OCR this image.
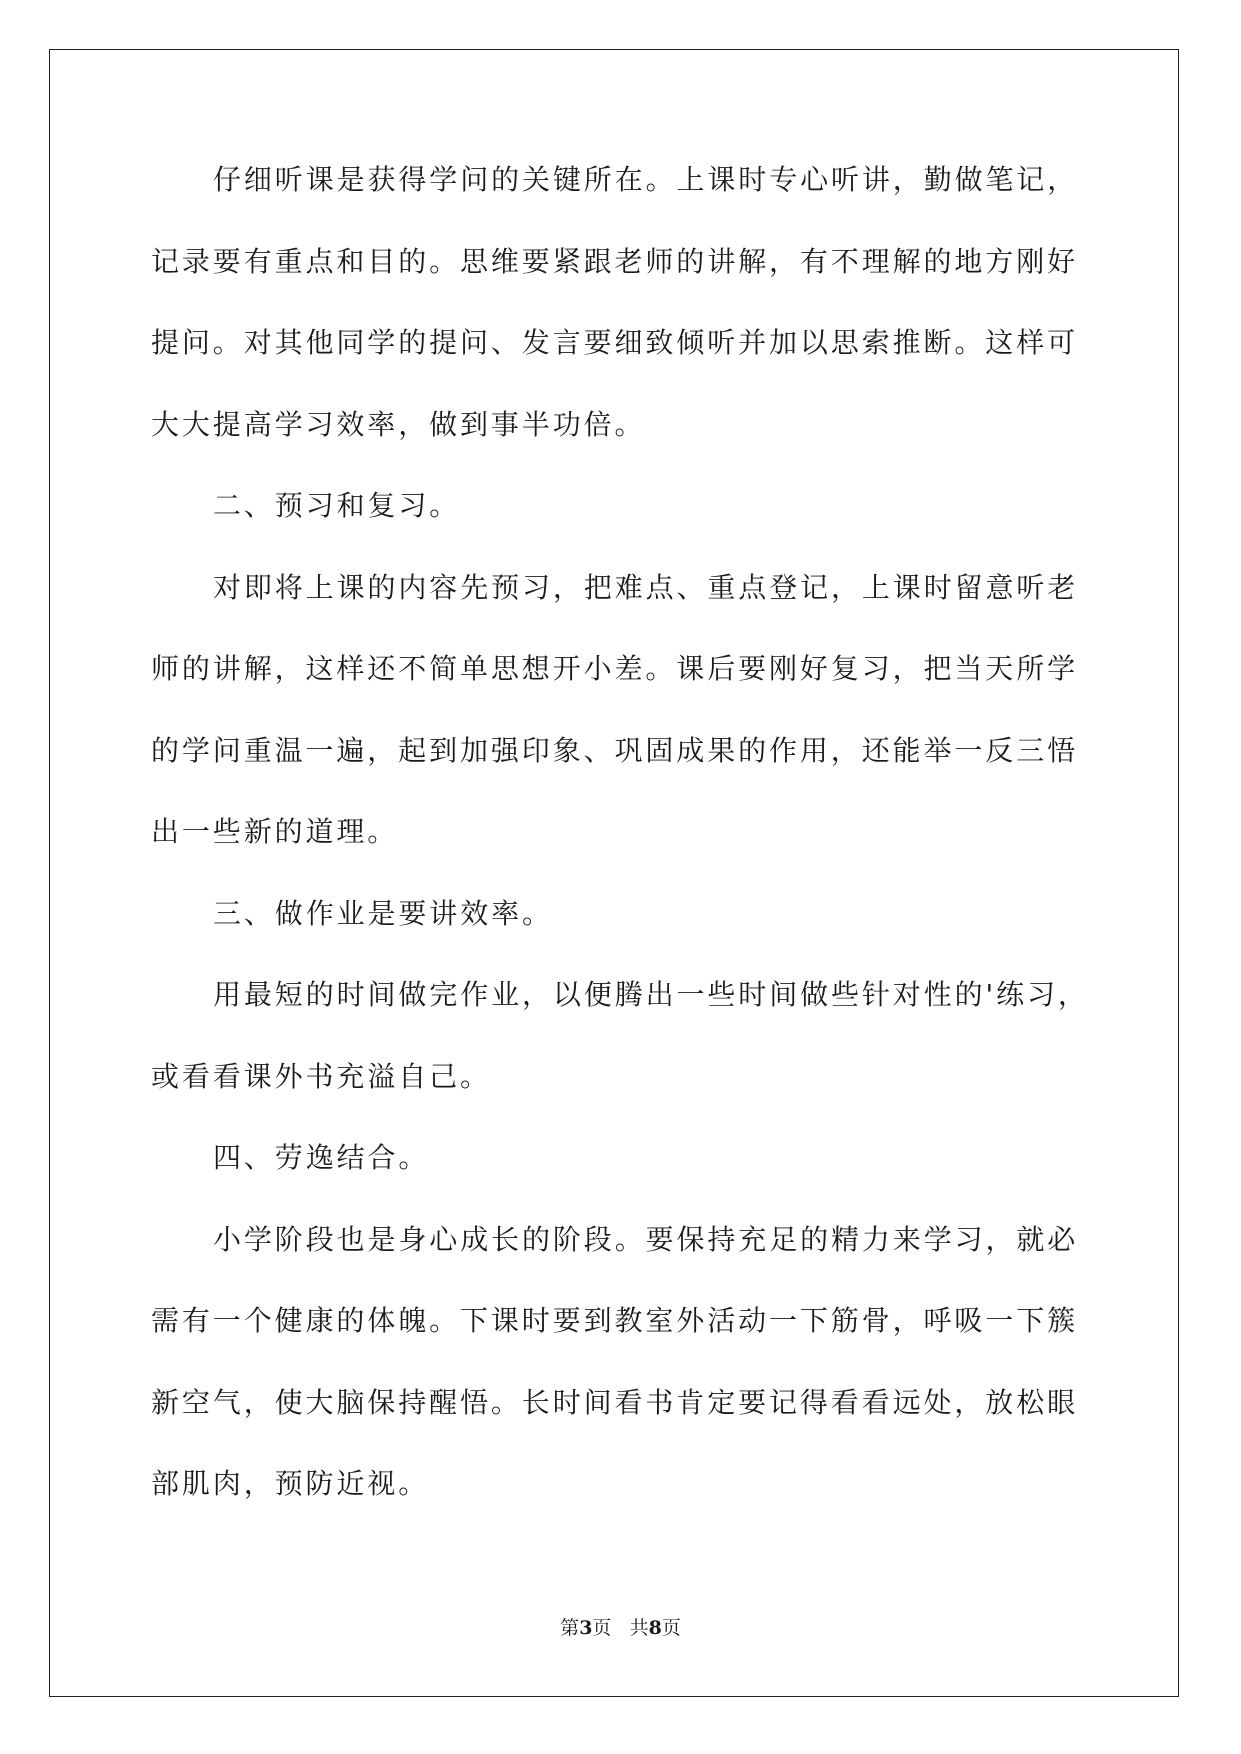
仔细听课是获得学问的关键所在。上课时专心听讲，勤做笔记，
记录要有重点和目的。思维要紧跟老师的讲解，有不理解的地方刚好
提问。对其他同学的提问、发言要细致倾听并加以思索推断。这样可
大大提高学习效率，做到事半功倍。
二、预习和复习。
对即将上课的内容先预习，把难点、重点登记，上课时留意听老
师的讲解，这样还不简单思想开小差。课后要刚好复习，把当天所学
的学问重温一遍，起到加强印象、巩固成果的作用，还能举一反三悟
出一些新的道理。
三、做作业是要讲效率。
用最短的时间做完作业，以便腾出一些时间做些针对性的'练习，
或看看课外书充溢自己。
四、劳逸结合。
小学阶段也是身心成长的阶段。要保持充足的精力来学习，就必
需有一个健康的体魄。下课时要到教室外活动一下筋骨，呼吸一下簇
新空气，使大脑保持醒悟。长时间看书肯定要记得看看远处，放松眼
部肌肉，预防近视。
第3页 共8页
